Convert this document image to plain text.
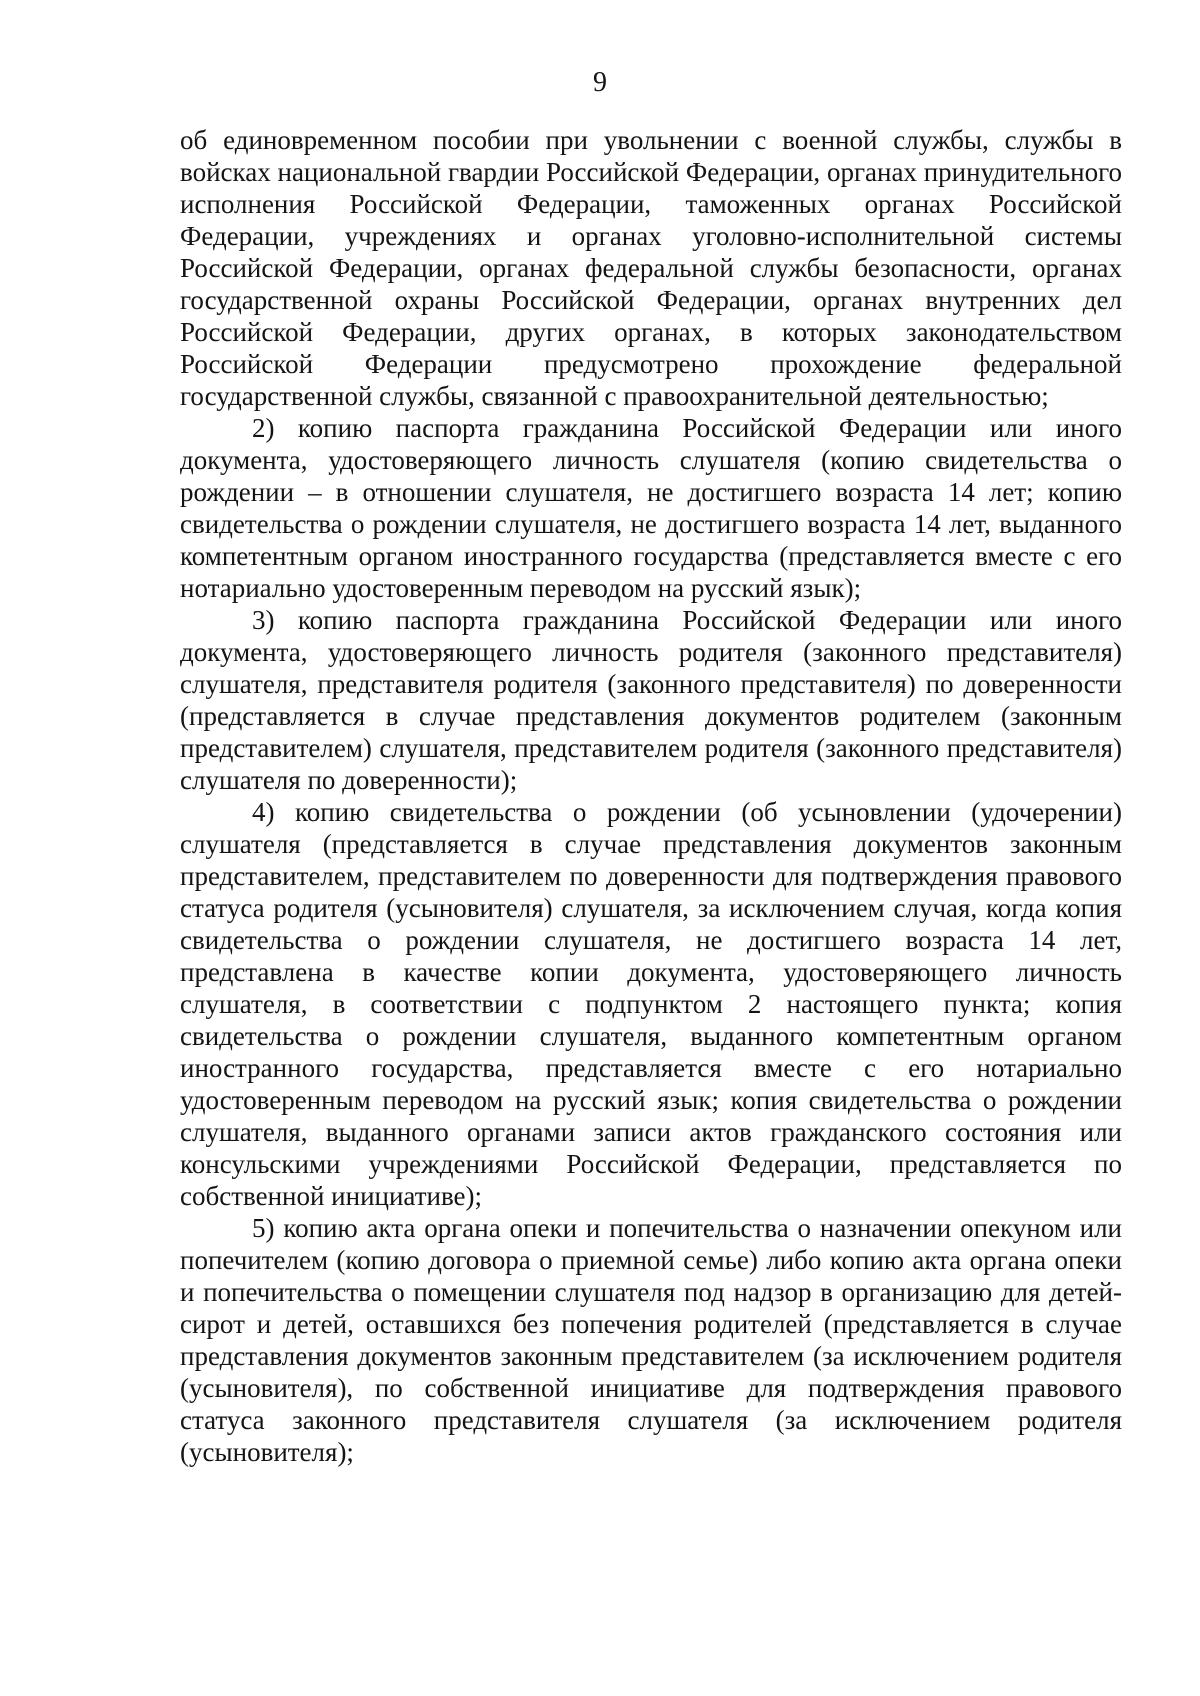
9

об единовременном пособии при увольнении с военной службы, службы в войсках национальной гвардии Российской Федерации, органах принудительного исполнения Российской Федерации, таможенных органах Российской Федерации, учреждениях и органах уголовно-исполнительной системы Российской Федерации, органах федеральной службы безопасности, органах государственной охраны Российской Федерации, органах внутренних дел Российской Федерации, других органах, в которых законодательством Российской Федерации предусмотрено прохождение федеральной государственной службы, связанной с правоохранительной деятельностью;

2) копию паспорта гражданина Российской Федерации или иного документа, удостоверяющего личность слушателя (копию свидетельства о рождении – в отношении слушателя, не достигшего возраста 14 лет; копию свидетельства о рождении слушателя, не достигшего возраста 14 лет, выданного компетентным органом иностранного государства (представляется вместе с его нотариально удостоверенным переводом на русский язык);

3) копию паспорта гражданина Российской Федерации или иного документа, удостоверяющего личность родителя (законного представителя) слушателя, представителя родителя (законного представителя) по доверенности (представляется в случае представления документов родителем (законным представителем) слушателя, представителем родителя (законного представителя) слушателя по доверенности);

4) копию свидетельства о рождении (об усыновлении (удочерении) слушателя (представляется в случае представления документов законным представителем, представителем по доверенности для подтверждения правового статуса родителя (усыновителя) слушателя, за исключением случая, когда копия свидетельства о рождении слушателя, не достигшего возраста 14 лет, представлена в качестве копии документа, удостоверяющего личность слушателя, в соответствии с подпунктом 2 настоящего пункта; копия свидетельства о рождении слушателя, выданного компетентным органом иностранного государства, представляется вместе с его нотариально удостоверенным переводом на русский язык; копия свидетельства о рождении слушателя, выданного органами записи актов гражданского состояния или консульскими учреждениями Российской Федерации, представляется по собственной инициативе);

5) копию акта органа опеки и попечительства о назначении опекуном или попечителем (копию договора о приемной семье) либо копию акта органа опеки и попечительства о помещении слушателя под надзор в организацию для детей-сирот и детей, оставшихся без попечения родителей (представляется в случае представления документов законным представителем (за исключением родителя (усыновителя), по собственной инициативе для подтверждения правового статуса законного представителя слушателя (за исключением родителя (усыновителя);
